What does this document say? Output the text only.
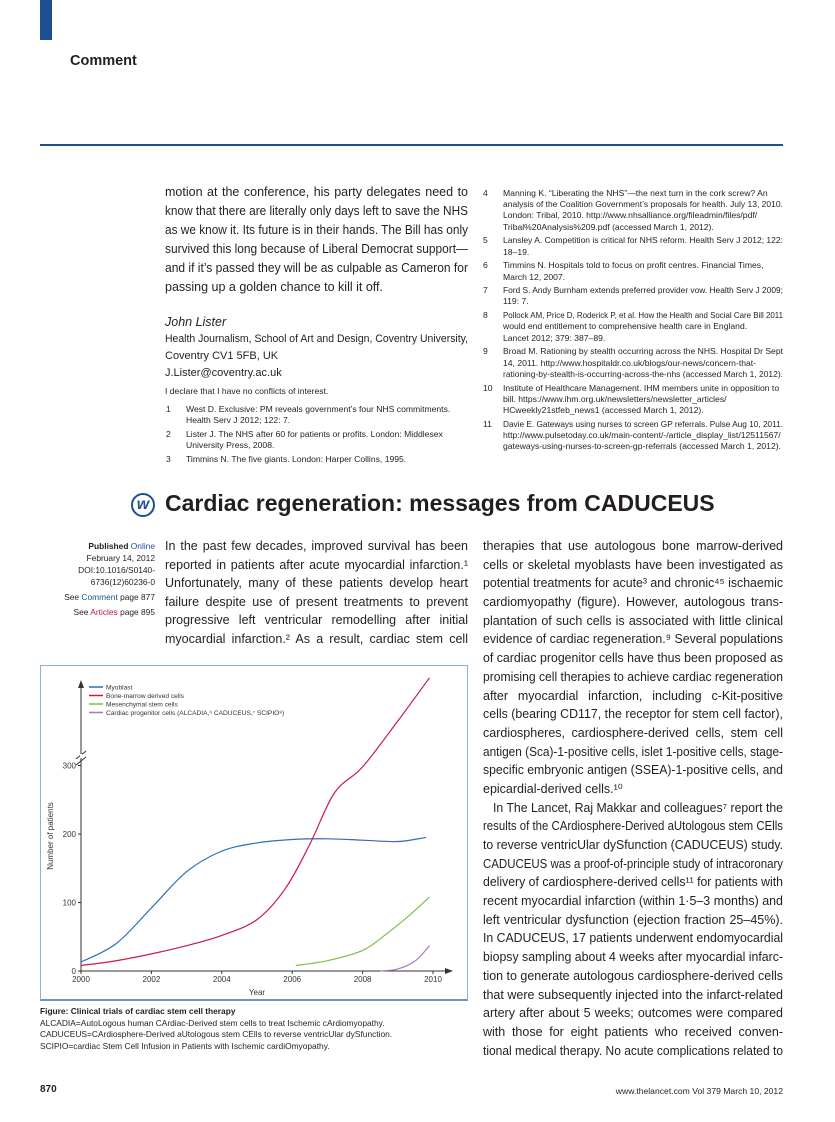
Comment
motion at the conference, his party delegates need to
know that there are literally only days left to save the NHS
as we know it. Its future is in their hands. The Bill has only
survived this long because of Liberal Democrat support—
and if it’s passed they will be as culpable as Cameron for
passing up a golden chance to kill it off.
John Lister
Health Journalism, School of Art and Design, Coventry University,
Coventry CV1 5FB, UK
J.Lister@coventry.ac.uk
I declare that I have no conflicts of interest.
1	West D. Exclusive: PM reveals government’s four NHS commitments.
Health Serv J 2012; 122: 7.
2	Lister J. The NHS after 60 for patients or profits. London: Middlesex
University Press, 2008.
3	Timmins N. The five giants. London: Harper Collins, 1995.
4	Manning K. “Liberating the NHS”—the next turn in the cork screw? An
analysis of the Coalition Government’s proposals for health. July 13, 2010.
London: Tribal, 2010. http://www.nhsalliance.org/fileadmin/files/pdf/
Tribal%20Analysis%209.pdf (accessed March 1, 2012).
5	Lansley A. Competition is critical for NHS reform. Health Serv J 2012; 122:
18–19.
6	Timmins N. Hospitals told to focus on profit centres. Financial Times,
March 12, 2007.
7	Ford S. Andy Burnham extends preferred provider vow. Health Serv J 2009;
119: 7.
8	Pollock AM, Price D, Roderick P, et al. How the Health and Social Care Bill 2011
would end entitlement to comprehensive health care in England.
Lancet 2012; 379: 387–89.
9	Broad M. Rationing by stealth occurring across the NHS. Hospital Dr Sept
14, 2011. http://www.hospitaldr.co.uk/blogs/our-news/concern-that-
rationing-by-stealth-is-occurring-across-the-nhs (accessed March 1, 2012).
10	Institute of Healthcare Management. IHM members unite in opposition to
bill. https://www.ihm.org.uk/newsletters/newsletter_articles/
HCweekly21stfeb_news1 (accessed March 1, 2012).
11	Davie E. Gateways using nurses to screen GP referrals. Pulse Aug 10, 2011.
http://www.pulsetoday.co.uk/main-content/-/article_display_list/12511567/
gateways-using-nurses-to-screen-gp-referrals (accessed March 1, 2012).
w Cardiac regeneration: messages from CADUCEUS
Published Online
February 14, 2012
DOI:10.1016/S0140-
6736(12)60236-0
See Comment page 877
See Articles page 895
In the past few decades, improved survival has been
reported in patients after acute myocardial infarction.¹
Unfortunately, many of these patients develop heart
failure despite use of present treatments to prevent
progressive left ventricular remodelling after initial
myocardial infarction.² As a result, cardiac stem cell
therapies that use autologous bone marrow-derived
cells or skeletal myoblasts have been investigated as
potential treatments for acute³ and chronic⁴⁵ ischaemic
cardiomyopathy (figure). However, autologous trans-
plantation of such cells is associated with little clinical
evidence of cardiac regeneration.⁹ Several populations
of cardiac progenitor cells have thus been proposed as
promising cell therapies to achieve cardiac regeneration
after myocardial infarction, including c-Kit-positive
cells (bearing CD117, the receptor for stem cell factor),
cardiospheres, cardiosphere-derived cells, stem cell
antigen (Sca)-1-positive cells, islet 1-positive cells, stage-
specific embryonic antigen (SSEA)-1-positive cells, and
epicardial-derived cells.¹⁰
In The Lancet, Raj Makkar and colleagues⁷ report the
results of the CArdiosphere-Derived aUtologous stem CElls
to reverse ventricUlar dySfunction (CADUCEUS) study.
CADUCEUS was a proof-of-principle study of intracoronary
delivery of cardiosphere-derived cells¹¹ for patients with
recent myocardial infarction (within 1·5–3 months) and
left ventricular dysfunction (ejection fraction 25–45%).
In CADUCEUS, 17 patients underwent endomyocardial
biopsy sampling about 4 weeks after myocardial infarc-
tion to generate autologous cardiosphere-derived cells
that were subsequently injected into the infarct-related
artery after about 5 weeks; outcomes were compared
with those for eight patients who received conven-
tional medical therapy. No acute complications related to
2000	2002	2004	2006	2008	2010
0
100
200
300
Year
Number of patients
Myoblast
Bone-marrow derived cells
Mesenchymal stem cells
Cardiac progenitor cells (ALCADIA,⁶ CADUCEUS,⁷ SCIPIO⁸)
Figure: Clinical trials of cardiac stem cell therapy
ALCADIA=AutoLogous human CArdiac-Derived stem cells to treat Ischemic cArdiomyopathy.
CADUCEUS=CArdiosphere-Derived aUtologous stem CElls to reverse ventricUlar dySfunction.
SCIPIO=cardiac Stem Cell Infusion in Patients with Ischemic cardiOmyopathy.
870	www.thelancet.com Vol 379 March 10, 2012
